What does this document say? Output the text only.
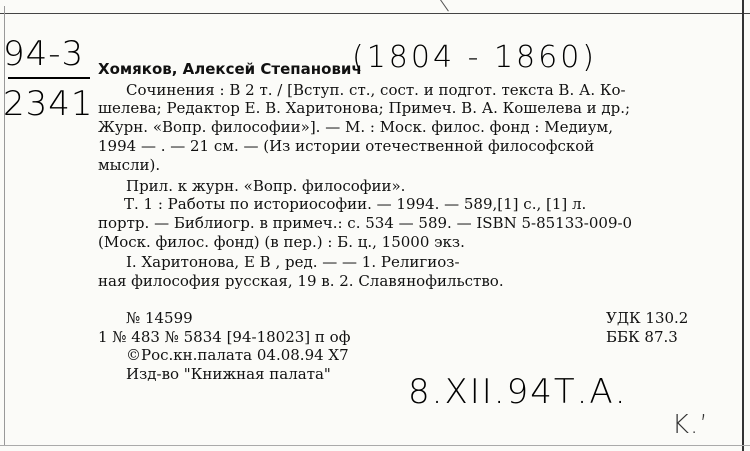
94-3
2341
Хомяков, Алексей Степанович
(1804 - 1860)
Сочинения : В 2 т. / [Вступ. ст., сост. и подгот. текста В. А. Ко-
шелева; Редактор Е. В. Харитонова; Примеч. В. А. Кошелева и др.;
Журн. «Вопр. философии»]. — М. : Моск. филос. фонд : Медиум,
1994 — . — 21 см. — (Из истории отечественной философской
мысли).
Прил. к журн. «Вопр. философии».
Т. 1 : Работы по историософии. — 1994. — 589,[1] с., [1] л.
портр. — Библиогр. в примеч.: с. 534 — 589. — ISBN 5-85133-009-0
(Моск. филос. фонд) (в пер.) : Б. ц., 15000 экз.
I. Харитонова, Е В , ред. — — 1. Религиоз-
ная философия русская, 19 в. 2. Славянофильство.
№ 14599
1 № 483 № 5834 [94-18023] п оф
©Рос.кн.палата 04.08.94 Х7
Изд-во "Книжная палата"
УДК 130.2
ББК 87.3
8.XII.94Т.А.
K.’
